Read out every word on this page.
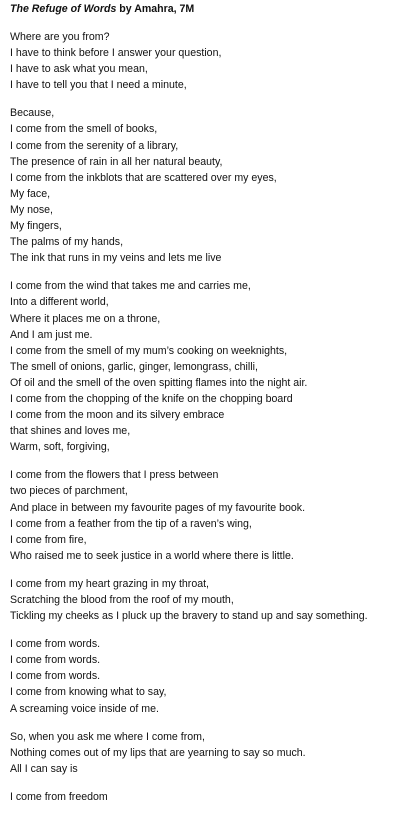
The Refuge of Words by Amahra, 7M
Where are you from?
I have to think before I answer your question,
I have to ask what you mean,
I have to tell you that I need a minute,
Because,
I come from the smell of books,
I come from the serenity of a library,
The presence of rain in all her natural beauty,
I come from the inkblots that are scattered over my eyes,
My face,
My nose,
My fingers,
The palms of my hands,
The ink that runs in my veins and lets me live
I come from the wind that takes me and carries me,
Into a different world,
Where it places me on a throne,
And I am just me.
I come from the smell of my mum’s cooking on weeknights,
The smell of onions, garlic, ginger, lemongrass, chilli,
Of oil and the smell of the oven spitting flames into the night air.
I come from the chopping of the knife on the chopping board
I come from the moon and its silvery embrace
that shines and loves me,
Warm, soft, forgiving,
I come from the flowers that I press between
two pieces of parchment,
And place in between my favourite pages of my favourite book.
I come from a feather from the tip of a raven’s wing,
I come from fire,
Who raised me to seek justice in a world where there is little.
I come from my heart grazing in my throat,
Scratching the blood from the roof of my mouth,
Tickling my cheeks as I pluck up the bravery to stand up and say something.
I come from words.
I come from words.
I come from words.
I come from knowing what to say,
A screaming voice inside of me.
So, when you ask me where I come from,
Nothing comes out of my lips that are yearning to say so much.
All I can say is
I come from freedom
